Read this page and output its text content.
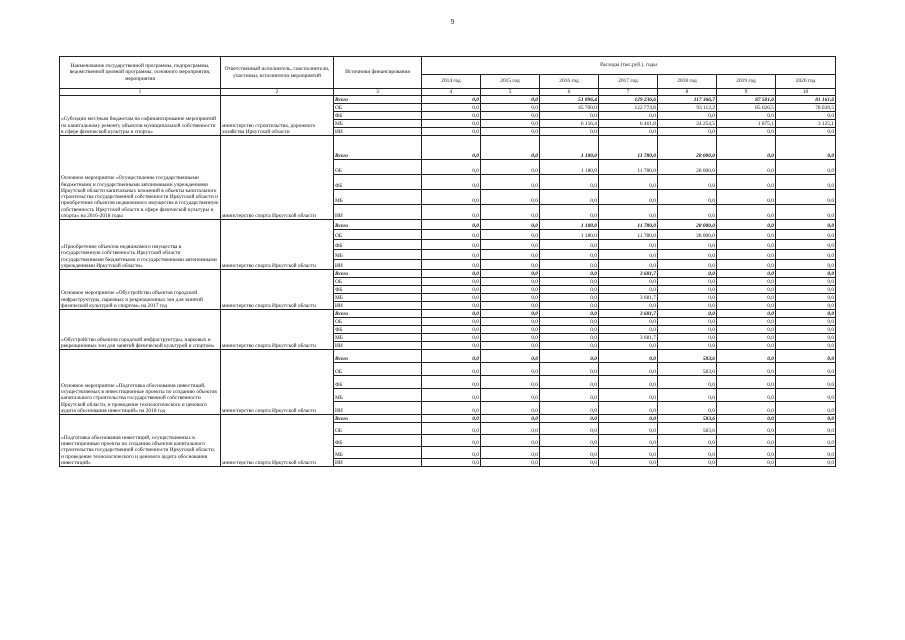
9
Наименование государственной программы, подпрограммы, ведомственной целевой программы, основного мероприятия, мероприятия	Ответственный исполнитель, соисполнители, участники, исполнители мероприятий	Источники финансирования	Расходы (тыс.руб.), годы						
			2014 год	2015 год	2016 год	2017 год	2018 год	2019 год	2020 год
1	2	3	4	5	6	7	8	9	10
«Субсидии местным бюджетам на софинансирование мероприятий по капитальному ремонту объектов муниципальной собственности в сфере физической культуры и спорта»	министерство строительства, дорожного хозяйства Иркутской области	Всего	0,0	0,0	51 896,4	129 236,6	117 366,7	87 501,6	81 161,6
		ОБ	0,0	0,0	45 700,0	122 774,8	93 112,2	85 626,5	78 036,5
		ФБ	0,0	0,0	0,0	0,0	0,0	0,0	0,0
		МБ	0,0	0,0	6 156,4	6 461,8	24 254,5	1 875,1	3 125,1
		ИИ	0,0	0,0	0,0	0,0	0,0	0,0	0,0
Основное мероприятие «Осуществление государственными бюджетными и государственными автономными учреждениями Иркутской области капитальных вложений в объекты капитального строительства государственной собственности Иркутской области и приобретение объектов недвижимого имущества в государственную собственность Иркутской области в сфере физической культуры и спорта» на 2016-2018 годы	министерство спорта Иркутской области	Всего	0,0	0,0	1 180,0	11 780,0	28 000,0	0,0	0,0
		ОБ	0,0	0,0	1 180,0	11 780,0	28 000,0	0,0	0,0
		ФБ	0,0	0,0	0,0	0,0	0,0	0,0	0,0
		МБ	0,0	0,0	0,0	0,0	0,0	0,0	0,0
		ИИ	0,0	0,0	0,0	0,0	0,0	0,0	0,0
«Приобретение объектов недвижимого имущества в государственную собственность Иркутской области государственными бюджетными и государственными автономными учреждениями Иркутской области»	министерство спорта Иркутской области	Всего	0,0	0,0	1 180,0	11 780,0	28 000,0	0,0	0,0
		ОБ	0,0	0,0	1 180,0	11 780,0	28 000,0	0,0	0,0
		ФБ	0,0	0,0	0,0	0,0	0,0	0,0	0,0
		МБ	0,0	0,0	0,0	0,0	0,0	0,0	0,0
		ИИ	0,0	0,0	0,0	0,0	0,0	0,0	0,0
Основное мероприятие «Обустройство объектов городской инфраструктуры, парковых и рекреационных зон для занятий физической культурой и спортом» на 2017 год	министерство спорта Иркутской области	Всего	0,0	0,0	0,0	3 681,7	0,0	0,0	0,0
		ОБ	0,0	0,0	0,0	0,0	0,0	0,0	0,0
		ФБ	0,0	0,0	0,0	0,0	0,0	0,0	0,0
		МБ	0,0	0,0	0,0	3 681,7	0,0	0,0	0,0
		ИИ	0,0	0,0	0,0	0,0	0,0	0,0	0,0
«Обустройство объектов городской инфраструктуры, парковых и рекреационных зон для занятий физической культурой и спортом»	министерство спорта Иркутской области	Всего	0,0	0,0	0,0	3 681,7	0,0	0,0	0,0
		ОБ	0,0	0,0	0,0	0,0	0,0	0,0	0,0
		ФБ	0,0	0,0	0,0	0,0	0,0	0,0	0,0
		МБ	0,0	0,0	0,0	3 681,7	0,0	0,0	0,0
		ИИ	0,0	0,0	0,0	0,0	0,0	0,0	0,0
Основное мероприятие «Подготовка обоснования инвестиций, осуществляемых в инвестиционные проекты по созданию объектов капитального строительства государственной собственности Иркутской области, и проведение технологического и ценового аудита обоснования инвестиций» на 2018 год	министерство спорта Иркутской области	Всего	0,0	0,0	0,0	0,0	583,6	0,0	0,0
		ОБ	0,0	0,0	0,0	0,0	583,6	0,0	0,0
		ФБ	0,0	0,0	0,0	0,0	0,0	0,0	0,0
		МБ	0,0	0,0	0,0	0,0	0,0	0,0	0,0
		ИИ	0,0	0,0	0,0	0,0	0,0	0,0	0,0
«Подготовка обоснования инвестиций, осуществляемых в инвестиционные проекты по созданию объектов капитального строительства государственной собственности Иркутской области, и проведение технологического и ценового аудита обоснования инвестиций»	министерство спорта Иркутской области	Всего	0,0	0,0	0,0	0,0	583,6	0,0	0,0
		ОБ	0,0	0,0	0,0	0,0	583,6	0,0	0,0
		ФБ	0,0	0,0	0,0	0,0	0,0	0,0	0,0
		МБ	0,0	0,0	0,0	0,0	0,0	0,0	0,0
		ИИ	0,0	0,0	0,0	0,0	0,0	0,0	0,0
